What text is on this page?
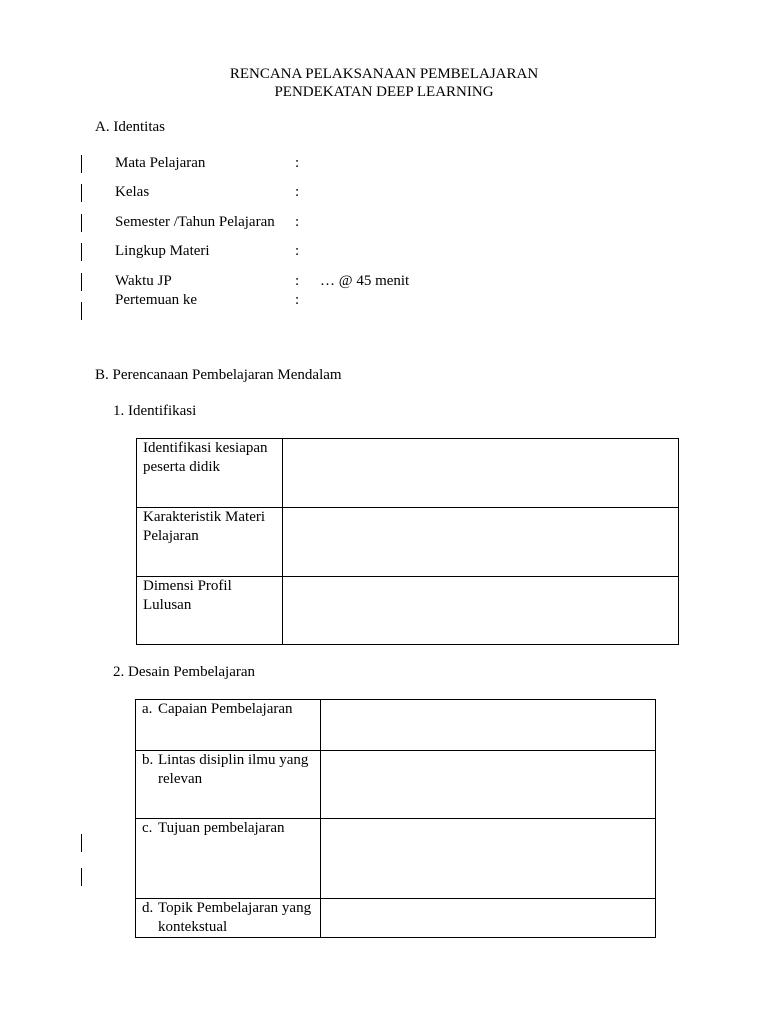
RENCANA PELAKSANAAN PEMBELAJARAN
PENDEKATAN DEEP LEARNING
A. Identitas
Mata Pelajaran	:
Kelas	:
Semester /Tahun Pelajaran :
Lingkup Materi	:
Waktu JP	: … @ 45 menit
Pertemuan ke	:
B. Perencanaan Pembelajaran Mendalam
1. Identifikasi
Identifikasi kesiapan peserta didik	
Karakteristik Materi Pelajaran	
Dimensi Profil Lulusan	
2. Desain Pembelajaran
a. Capaian Pembelajaran	

b. Lintas disiplin ilmu yang relevan	

c. Tujuan pembelajaran	

d. Topik Pembelajaran yang kontekstual	
